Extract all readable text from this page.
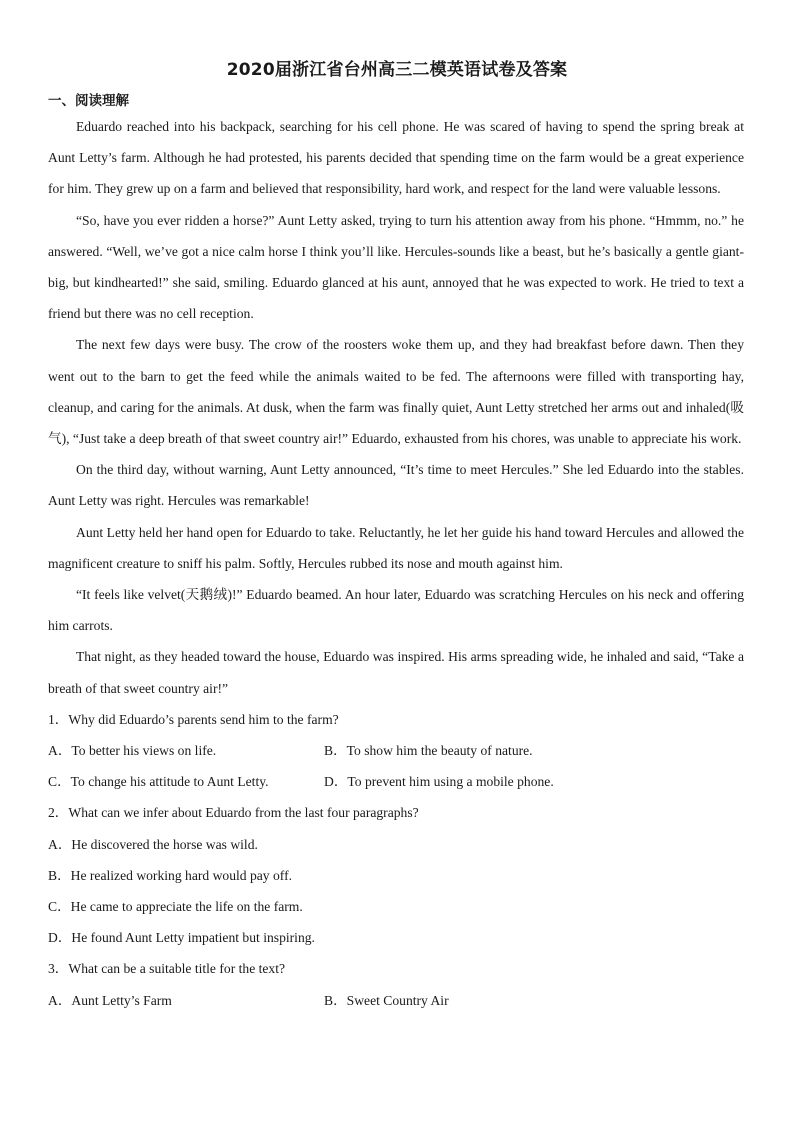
2020届浙江省台州高三二模英语试卷及答案
一、阅读理解

Eduardo reached into his backpack, searching for his cell phone. He was scared of having to spend the spring break at Aunt Letty’s farm. Although he had protested, his parents decided that spending time on the farm would be a great experience for him. They grew up on a farm and believed that responsibility, hard work, and respect for the land were valuable lessons.

“So, have you ever ridden a horse?” Aunt Letty asked, trying to turn his attention away from his phone. “Hmmm, no.” he answered. “Well, we’ve got a nice calm horse I think you’ll like. Hercules-sounds like a beast, but he’s basically a gentle giant-big, but kindhearted!” she said, smiling. Eduardo glanced at his aunt, annoyed that he was expected to work. He tried to text a friend but there was no cell reception.

The next few days were busy. The crow of the roosters woke them up, and they had breakfast before dawn. Then they went out to the barn to get the feed while the animals waited to be fed. The afternoons were filled with transporting hay, cleanup, and caring for the animals. At dusk, when the farm was finally quiet, Aunt Letty stretched her arms out and inhaled(吸气), “Just take a deep breath of that sweet country air!” Eduardo, exhausted from his chores, was unable to appreciate his work.

On the third day, without warning, Aunt Letty announced, “It’s time to meet Hercules.” She led Eduardo into the stables. Aunt Letty was right. Hercules was remarkable!

Aunt Letty held her hand open for Eduardo to take. Reluctantly, he let her guide his hand toward Hercules and allowed the magnificent creature to sniff his palm. Softly, Hercules rubbed its nose and mouth against him.

“It feels like velvet(天鹅绒)!” Eduardo beamed. An hour later, Eduardo was scratching Hercules on his neck and offering him carrots.

That night, as they headed toward the house, Eduardo was inspired. His arms spreading wide, he inhaled and said, “Take a breath of that sweet country air!”

1．Why did Eduardo’s parents send him to the farm?
A．To better his views on life.	B．To show him the beauty of nature.
C．To change his attitude to Aunt Letty.	D．To prevent him using a mobile phone.
2．What can we infer about Eduardo from the last four paragraphs?
A．He discovered the horse was wild.
B．He realized working hard would pay off.
C．He came to appreciate the life on the farm.
D．He found Aunt Letty impatient but inspiring.
3．What can be a suitable title for the text?
A．Aunt Letty’s Farm	B．Sweet Country Air
